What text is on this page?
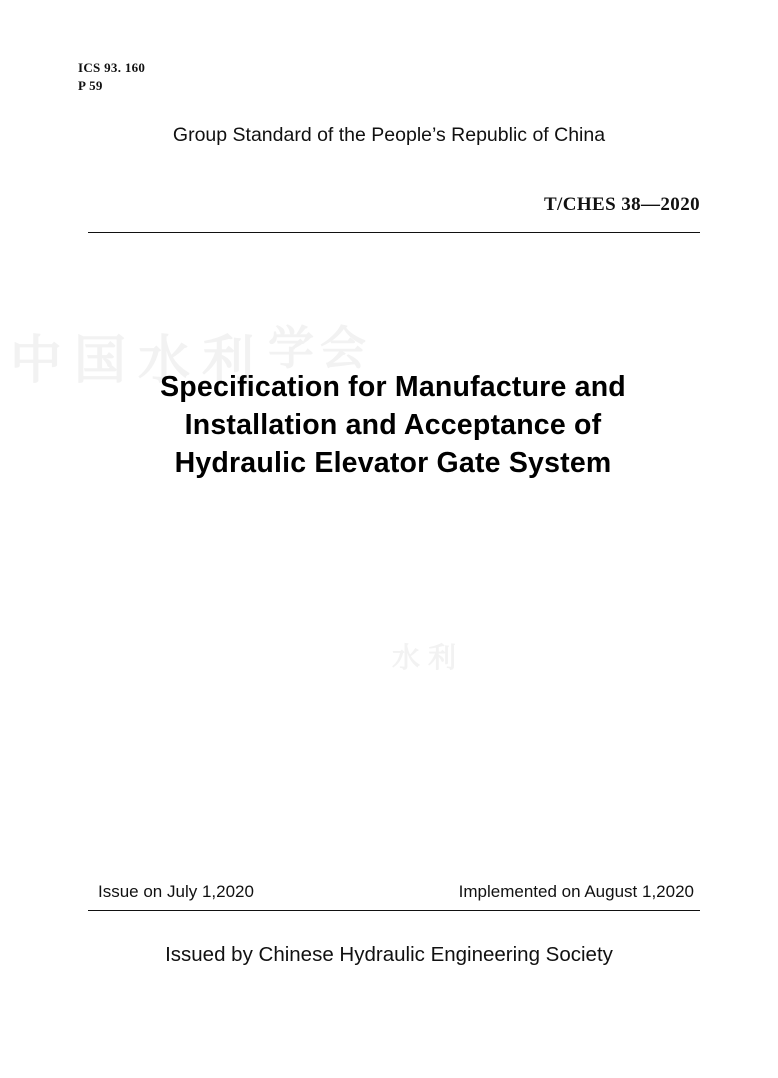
中国水利 学会
水利
ICS 93. 160
P 59
Group Standard of the People’s Republic of China
T/CHES 38—2020
Specification for Manufacture and
Installation and Acceptance of
Hydraulic Elevator Gate System
Issue on July 1,2020	Implemented on August 1,2020
Issued by Chinese Hydraulic Engineering Society
